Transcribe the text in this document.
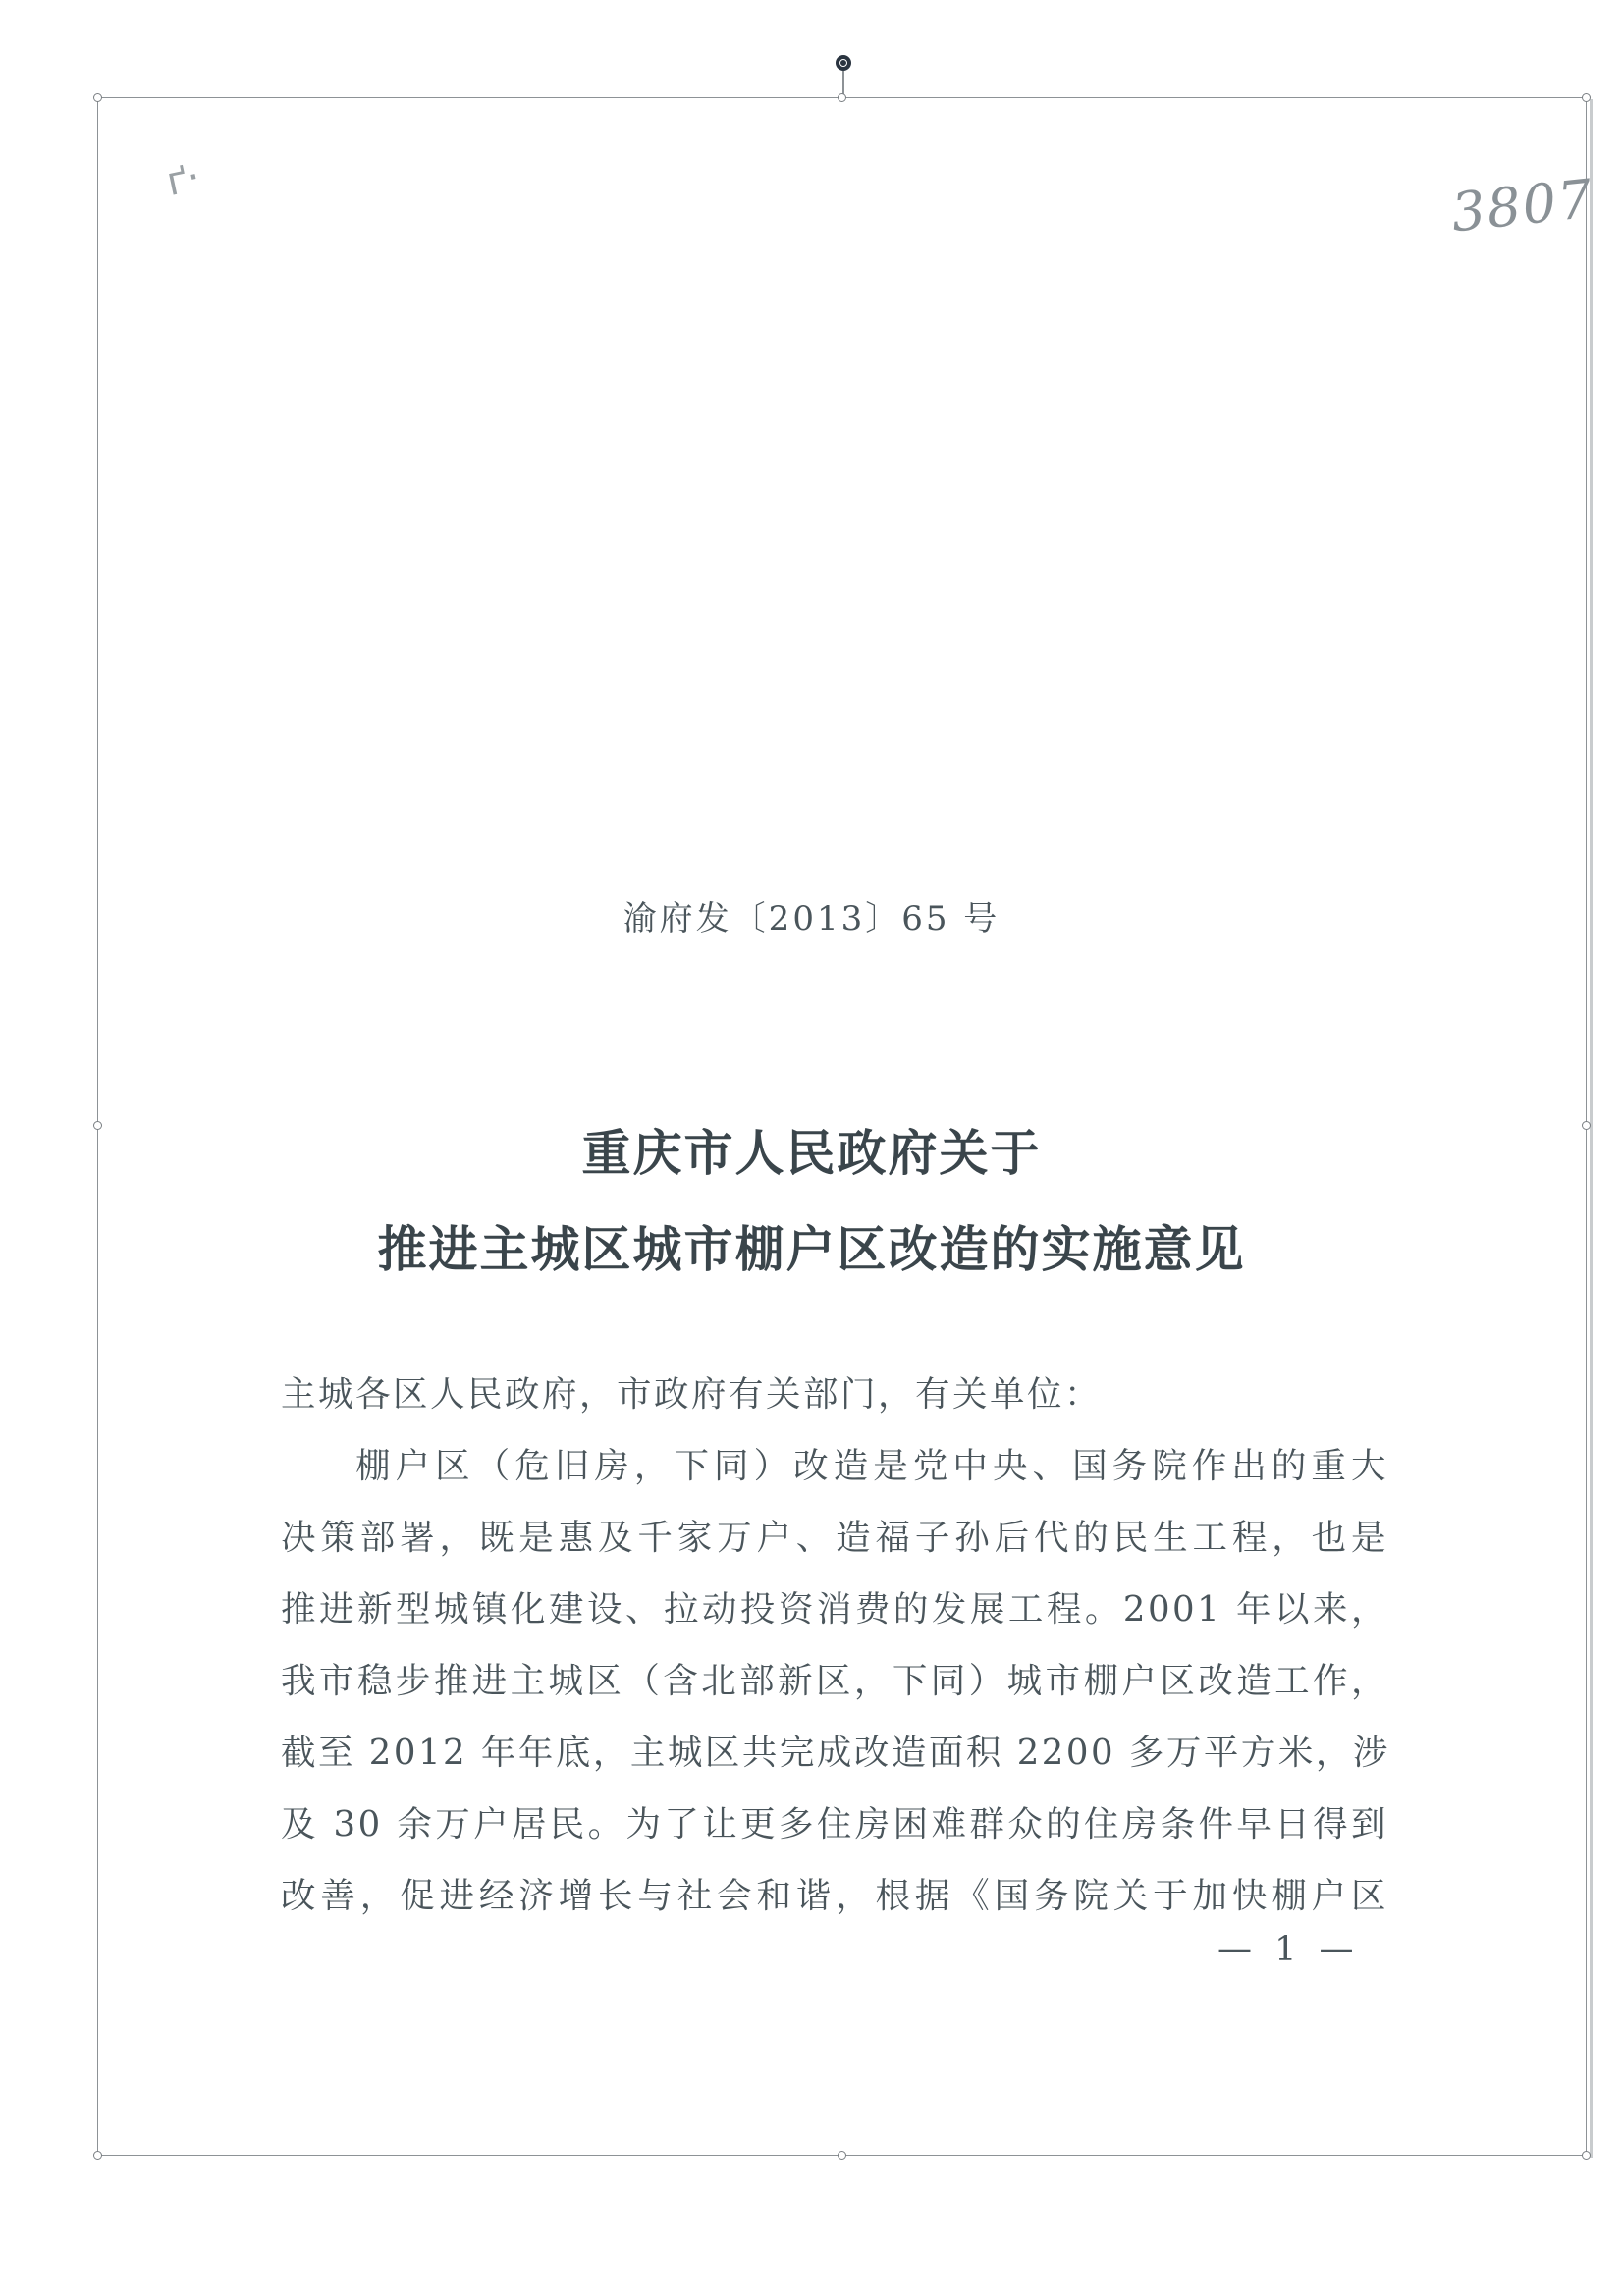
ґ·	3807
渝府发〔2013〕65 号
重庆市人民政府关于
推进主城区城市棚户区改造的实施意见
主城各区人民政府，市政府有关部门，有关单位：
棚户区（危旧房，下同）改造是党中央、国务院作出的重大
决策部署，既是惠及千家万户、造福子孙后代的民生工程，也是
推进新型城镇化建设、拉动投资消费的发展工程。2001 年以来，
我市稳步推进主城区（含北部新区，下同）城市棚户区改造工作，
截至 2012 年年底，主城区共完成改造面积 2200 多万平方米，涉
及 30 余万户居民。为了让更多住房困难群众的住房条件早日得到
改善，促进经济增长与社会和谐，根据《国务院关于加快棚户区
— 1 —
